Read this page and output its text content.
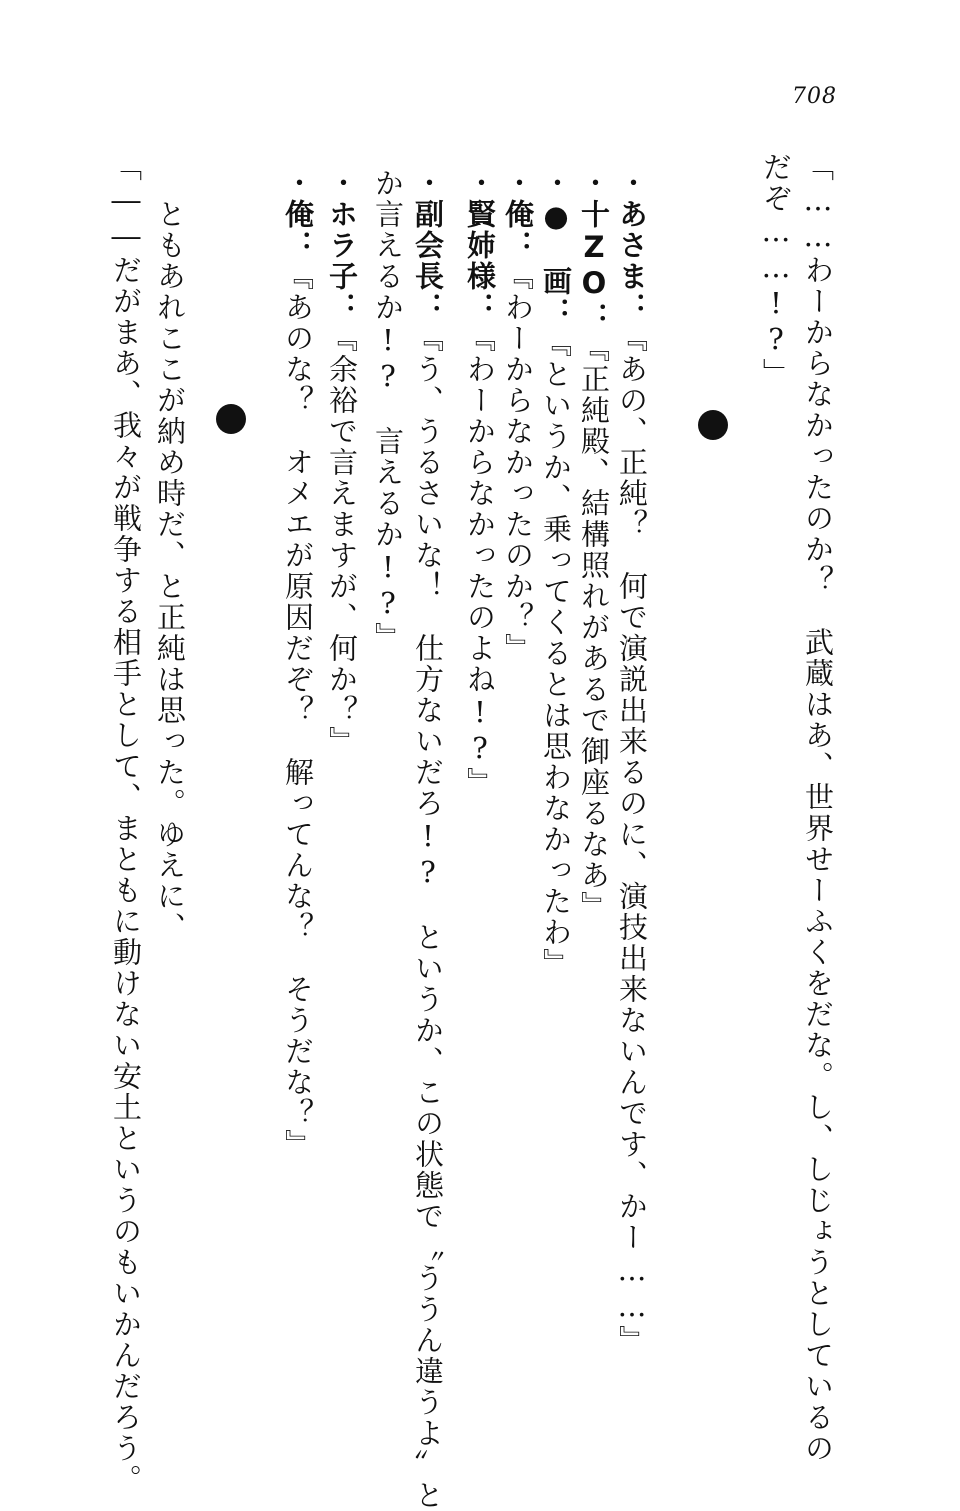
708
「……わーからなかったのか？　武蔵はあ、世界せーふくをだな。し、しじょうとしているの
だぞ……!?」
・あさま：『あの、正純？　何で演説出来るのに、演技出来ないんです、かー……』
・十ZO：『正純殿、結構照れがあるで御座るなあ』
・●　画：『というか、乗ってくるとは思わなかったわ』
・俺：『わーからなかったのか？』
・賢姉様：『わーからなかったのよね!?』
・副会長：『う、うるさいな！　仕方ないだろ!?　というか、この状態で〝ううん違うよ〟と
か言えるか!?　言えるか!?』
・ホラ子：『余裕で言えますが、何か？』
・俺：『あのな？　オメエが原因だぞ？　解ってんな？　そうだな？』
　ともあれここが納め時だ、と正純は思った。ゆえに、
「――だがまあ、我々が戦争する相手として、まともに動けない安土というのもいかんだろう。
